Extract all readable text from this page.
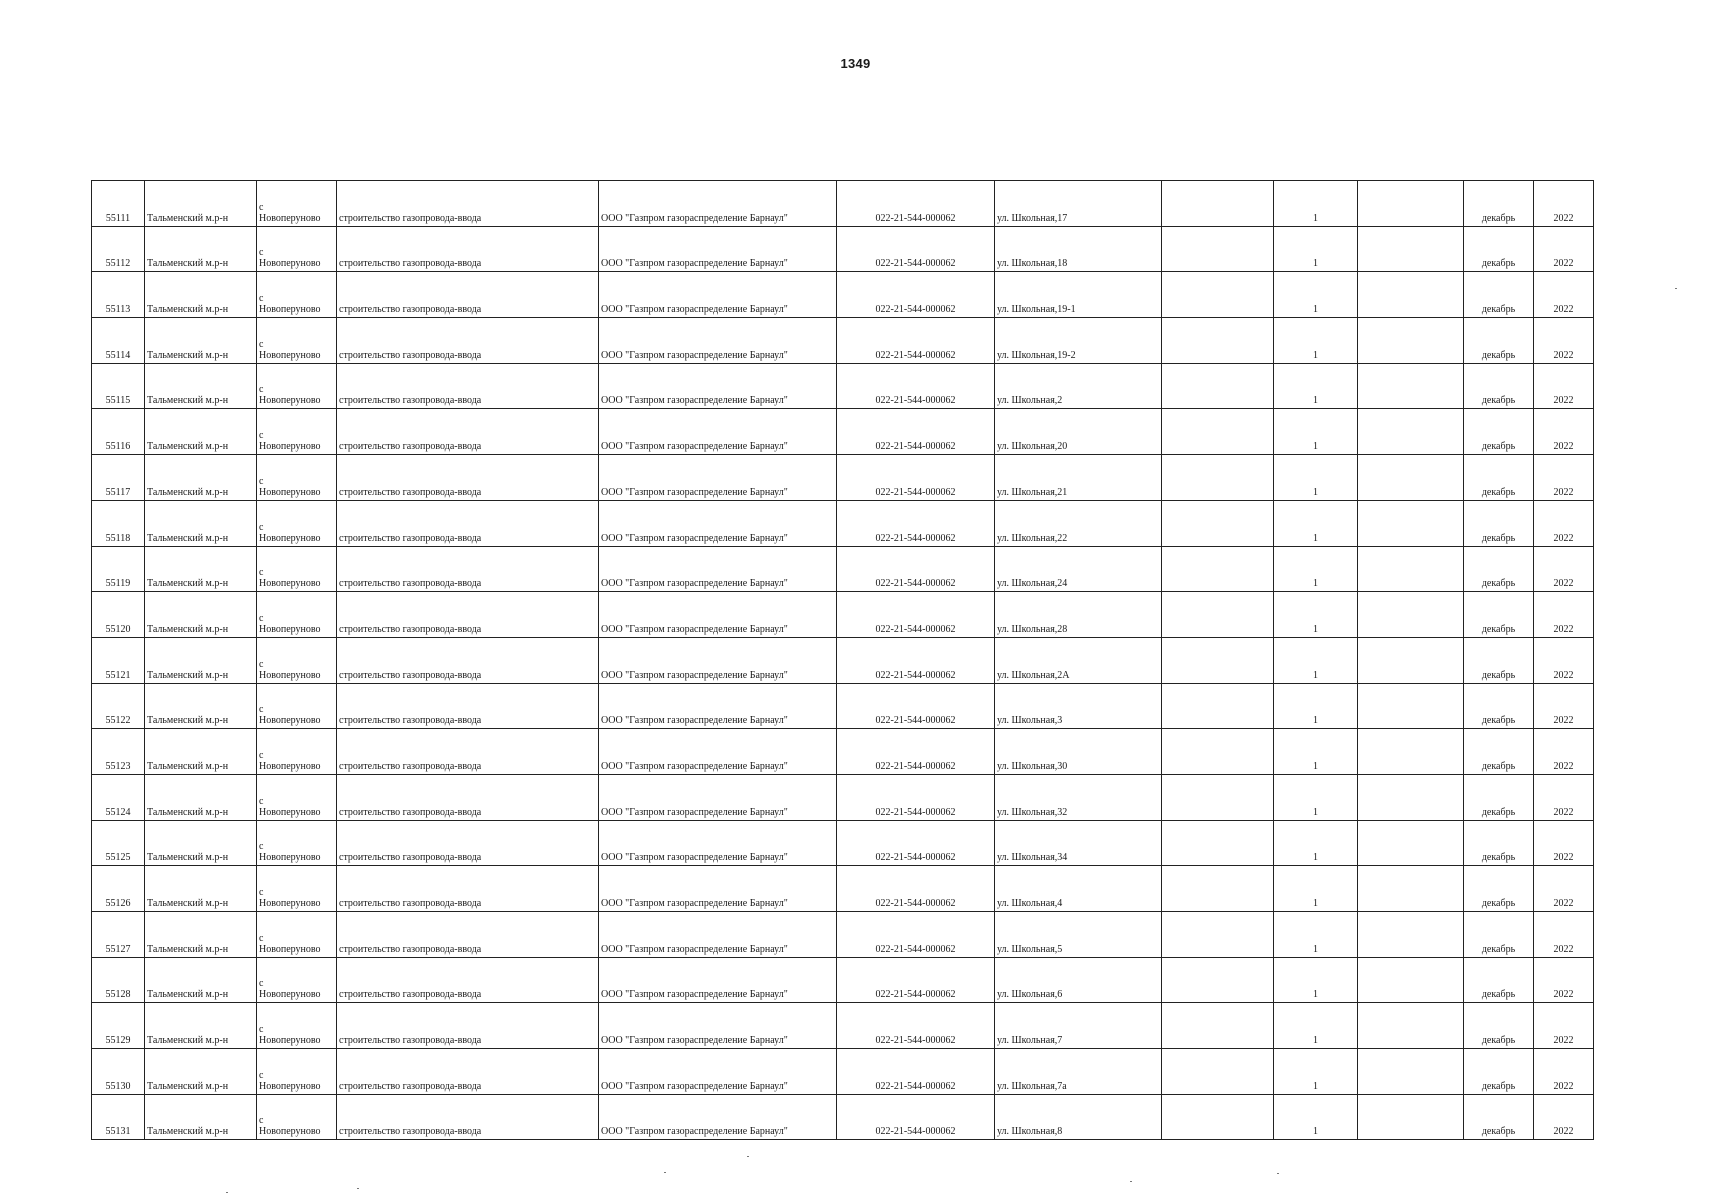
1349
55111	Тальменский м.р-н	с
Новоперуново	строительство газопровода-ввода	ООО "Газпром газораспределение Барнаул"	022-21-544-000062	ул. Школьная,17		1		декабрь	2022
55112	Тальменский м.р-н	с
Новоперуново	строительство газопровода-ввода	ООО "Газпром газораспределение Барнаул"	022-21-544-000062	ул. Школьная,18		1		декабрь	2022
55113	Тальменский м.р-н	с
Новоперуново	строительство газопровода-ввода	ООО "Газпром газораспределение Барнаул"	022-21-544-000062	ул. Школьная,19-1		1		декабрь	2022
55114	Тальменский м.р-н	с
Новоперуново	строительство газопровода-ввода	ООО "Газпром газораспределение Барнаул"	022-21-544-000062	ул. Школьная,19-2		1		декабрь	2022
55115	Тальменский м.р-н	с
Новоперуново	строительство газопровода-ввода	ООО "Газпром газораспределение Барнаул"	022-21-544-000062	ул. Школьная,2		1		декабрь	2022
55116	Тальменский м.р-н	с
Новоперуново	строительство газопровода-ввода	ООО "Газпром газораспределение Барнаул"	022-21-544-000062	ул. Школьная,20		1		декабрь	2022
55117	Тальменский м.р-н	с
Новоперуново	строительство газопровода-ввода	ООО "Газпром газораспределение Барнаул"	022-21-544-000062	ул. Школьная,21		1		декабрь	2022
55118	Тальменский м.р-н	с
Новоперуново	строительство газопровода-ввода	ООО "Газпром газораспределение Барнаул"	022-21-544-000062	ул. Школьная,22		1		декабрь	2022
55119	Тальменский м.р-н	с
Новоперуново	строительство газопровода-ввода	ООО "Газпром газораспределение Барнаул"	022-21-544-000062	ул. Школьная,24		1		декабрь	2022
55120	Тальменский м.р-н	с
Новоперуново	строительство газопровода-ввода	ООО "Газпром газораспределение Барнаул"	022-21-544-000062	ул. Школьная,28		1		декабрь	2022
55121	Тальменский м.р-н	с
Новоперуново	строительство газопровода-ввода	ООО "Газпром газораспределение Барнаул"	022-21-544-000062	ул. Школьная,2А		1		декабрь	2022
55122	Тальменский м.р-н	с
Новоперуново	строительство газопровода-ввода	ООО "Газпром газораспределение Барнаул"	022-21-544-000062	ул. Школьная,3		1		декабрь	2022
55123	Тальменский м.р-н	с
Новоперуново	строительство газопровода-ввода	ООО "Газпром газораспределение Барнаул"	022-21-544-000062	ул. Школьная,30		1		декабрь	2022
55124	Тальменский м.р-н	с
Новоперуново	строительство газопровода-ввода	ООО "Газпром газораспределение Барнаул"	022-21-544-000062	ул. Школьная,32		1		декабрь	2022
55125	Тальменский м.р-н	с
Новоперуново	строительство газопровода-ввода	ООО "Газпром газораспределение Барнаул"	022-21-544-000062	ул. Школьная,34		1		декабрь	2022
55126	Тальменский м.р-н	с
Новоперуново	строительство газопровода-ввода	ООО "Газпром газораспределение Барнаул"	022-21-544-000062	ул. Школьная,4		1		декабрь	2022
55127	Тальменский м.р-н	с
Новоперуново	строительство газопровода-ввода	ООО "Газпром газораспределение Барнаул"	022-21-544-000062	ул. Школьная,5		1		декабрь	2022
55128	Тальменский м.р-н	с
Новоперуново	строительство газопровода-ввода	ООО "Газпром газораспределение Барнаул"	022-21-544-000062	ул. Школьная,6		1		декабрь	2022
55129	Тальменский м.р-н	с
Новоперуново	строительство газопровода-ввода	ООО "Газпром газораспределение Барнаул"	022-21-544-000062	ул. Школьная,7		1		декабрь	2022
55130	Тальменский м.р-н	с
Новоперуново	строительство газопровода-ввода	ООО "Газпром газораспределение Барнаул"	022-21-544-000062	ул. Школьная,7а		1		декабрь	2022
55131	Тальменский м.р-н	с
Новоперуново	строительство газопровода-ввода	ООО "Газпром газораспределение Барнаул"	022-21-544-000062	ул. Школьная,8		1		декабрь	2022
